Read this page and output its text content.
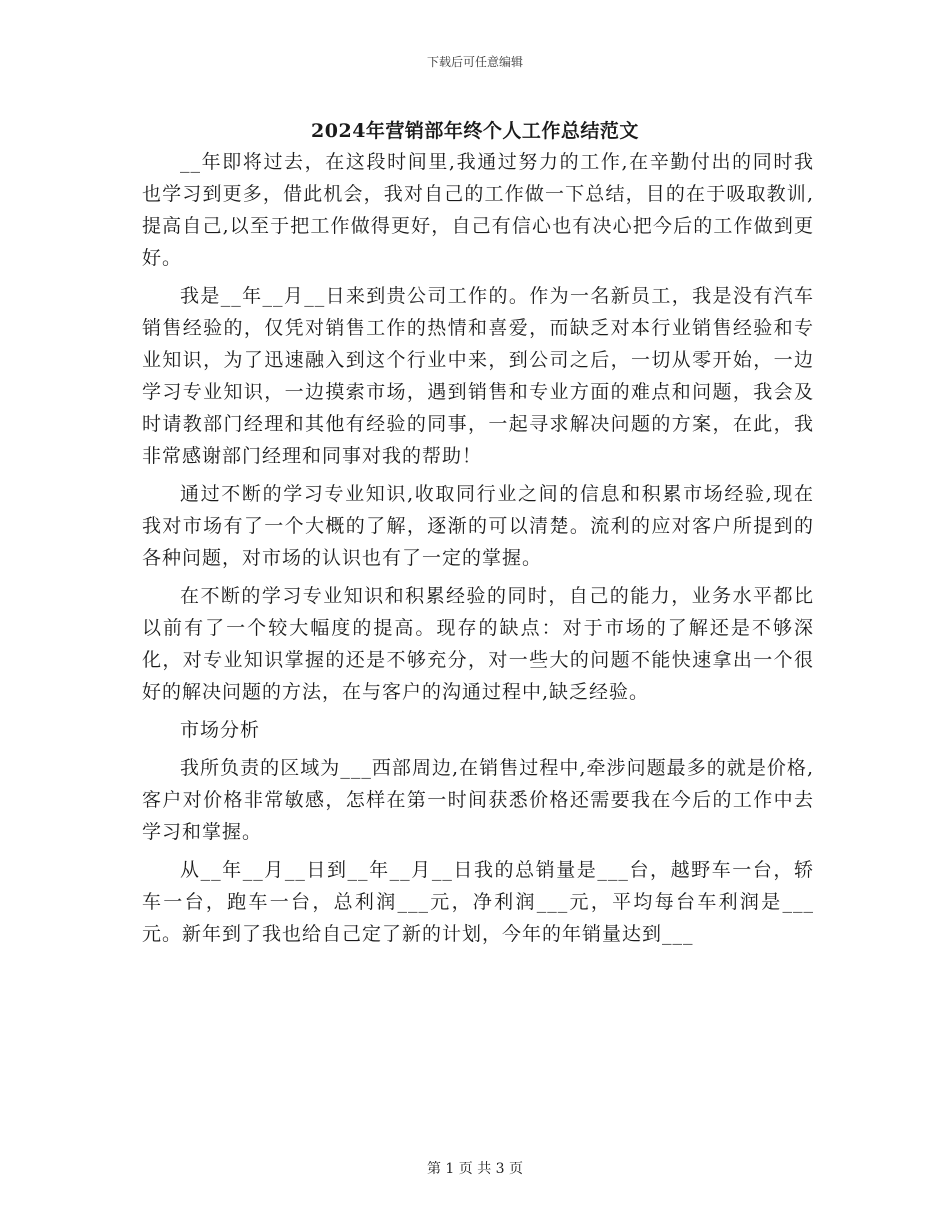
下载后可任意编辑
2024年营销部年终个人工作总结范文

__年即将过去，在这段时间里,我通过努力的工作,在辛勤付出的同时我也学习到更多，借此机会，我对自己的工作做一下总结，目的在于吸取教训,提高自己,以至于把工作做得更好，自己有信心也有决心把今后的工作做到更好。

我是__年__月__日来到贵公司工作的。作为一名新员工，我是没有汽车销售经验的，仅凭对销售工作的热情和喜爱，而缺乏对本行业销售经验和专业知识，为了迅速融入到这个行业中来，到公司之后，一切从零开始，一边学习专业知识，一边摸索市场，遇到销售和专业方面的难点和问题，我会及时请教部门经理和其他有经验的同事，一起寻求解决问题的方案，在此，我非常感谢部门经理和同事对我的帮助！

通过不断的学习专业知识,收取同行业之间的信息和积累市场经验,现在我对市场有了一个大概的了解，逐渐的可以清楚。流利的应对客户所提到的各种问题，对市场的认识也有了一定的掌握。

在不断的学习专业知识和积累经验的同时，自己的能力，业务水平都比以前有了一个较大幅度的提高。现存的缺点：对于市场的了解还是不够深化，对专业知识掌握的还是不够充分，对一些大的问题不能快速拿出一个很好的解决问题的方法，在与客户的沟通过程中,缺乏经验。

市场分析

我所负责的区域为___西部周边,在销售过程中,牵涉问题最多的就是价格,客户对价格非常敏感，怎样在第一时间获悉价格还需要我在今后的工作中去学习和掌握。

从__年__月__日到__年__月__日我的总销量是___台，越野车一台，轿车一台，跑车一台，总利润___元，净利润___元，平均每台车利润是___元。新年到了我也给自己定了新的计划，今年的年销量达到___

第 1 页 共 3 页
